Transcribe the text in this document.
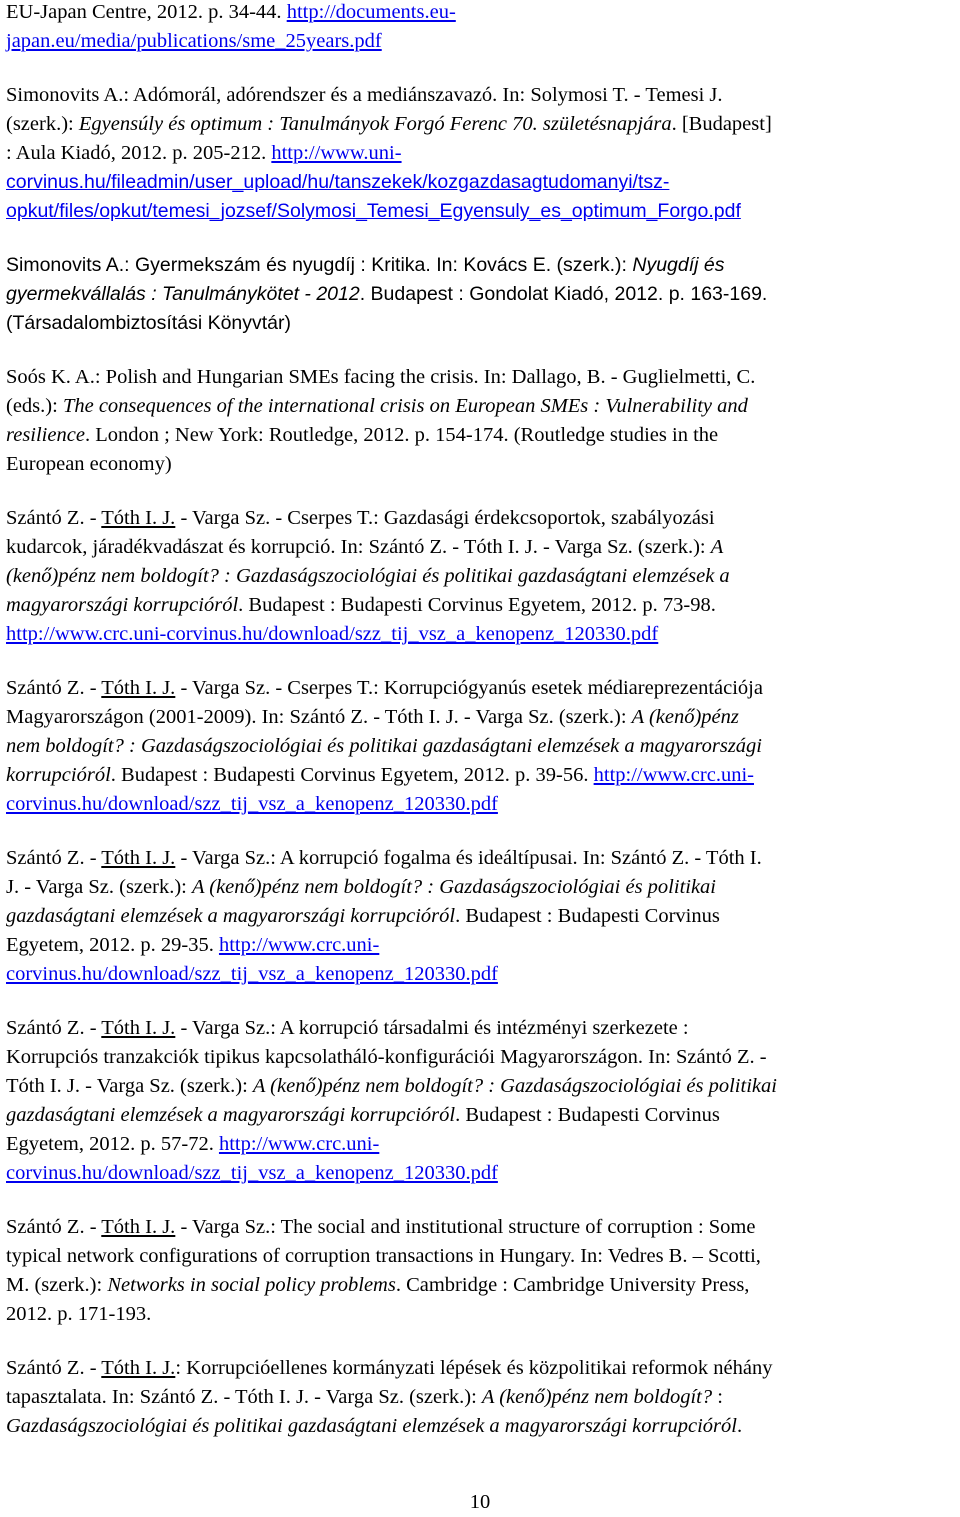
EU-Japan Centre, 2012. p. 34-44. http://documents.eu-
japan.eu/media/publications/sme_25years.pdf
Simonovits A.: Adómorál, adórendszer és a mediánszavazó. In: Solymosi T. - Temesi J.
(szerk.): Egyensúly és optimum : Tanulmányok Forgó Ferenc 70. születésnapjára. [Budapest]
: Aula Kiadó, 2012. p. 205-212. http://www.uni-
corvinus.hu/fileadmin/user_upload/hu/tanszekek/kozgazdasagtudomanyi/tsz-
opkut/files/opkut/temesi_jozsef/Solymosi_Temesi_Egyensuly_es_optimum_Forgo.pdf
Simonovits A.: Gyermekszám és nyugdíj : Kritika. In: Kovács E. (szerk.): Nyugdíj és
gyermekvállalás : Tanulmánykötet - 2012. Budapest : Gondolat Kiadó, 2012. p. 163-169.
(Társadalombiztosítási Könyvtár)
Soós K. A.: Polish and Hungarian SMEs facing the crisis. In: Dallago, B. - Guglielmetti, C.
(eds.): The consequences of the international crisis on European SMEs : Vulnerability and
resilience. London ; New York: Routledge, 2012. p. 154-174. (Routledge studies in the
European economy)
Szántó Z. - Tóth I. J. - Varga Sz. - Cserpes T.: Gazdasági érdekcsoportok, szabályozási
kudarcok, járadékvadászat és korrupció. In: Szántó Z. - Tóth I. J. - Varga Sz. (szerk.): A
(kenő)pénz nem boldogít? : Gazdaságszociológiai és politikai gazdaságtani elemzések a
magyarországi korrupcióról. Budapest : Budapesti Corvinus Egyetem, 2012. p. 73-98.
http://www.crc.uni-corvinus.hu/download/szz_tij_vsz_a_kenopenz_120330.pdf
Szántó Z. - Tóth I. J. - Varga Sz. - Cserpes T.: Korrupciógyanús esetek médiareprezentációja
Magyarországon (2001-2009). In: Szántó Z. - Tóth I. J. - Varga Sz. (szerk.): A (kenő)pénz
nem boldogít? : Gazdaságszociológiai és politikai gazdaságtani elemzések a magyarországi
korrupcióról. Budapest : Budapesti Corvinus Egyetem, 2012. p. 39-56. http://www.crc.uni-
corvinus.hu/download/szz_tij_vsz_a_kenopenz_120330.pdf
Szántó Z. - Tóth I. J. - Varga Sz.: A korrupció fogalma és ideáltípusai. In: Szántó Z. - Tóth I.
J. - Varga Sz. (szerk.): A (kenő)pénz nem boldogít? : Gazdaságszociológiai és politikai
gazdaságtani elemzések a magyarországi korrupcióról. Budapest : Budapesti Corvinus
Egyetem, 2012. p. 29-35. http://www.crc.uni-
corvinus.hu/download/szz_tij_vsz_a_kenopenz_120330.pdf
Szántó Z. - Tóth I. J. - Varga Sz.: A korrupció társadalmi és intézményi szerkezete :
Korrupciós tranzakciók tipikus kapcsolatháló-konfigurációi Magyarországon. In: Szántó Z. -
Tóth I. J. - Varga Sz. (szerk.): A (kenő)pénz nem boldogít? : Gazdaságszociológiai és politikai
gazdaságtani elemzések a magyarországi korrupcióról. Budapest : Budapesti Corvinus
Egyetem, 2012. p. 57-72. http://www.crc.uni-
corvinus.hu/download/szz_tij_vsz_a_kenopenz_120330.pdf
Szántó Z. - Tóth I. J. - Varga Sz.: The social and institutional structure of corruption : Some
typical network configurations of corruption transactions in Hungary. In: Vedres B. – Scotti,
M. (szerk.): Networks in social policy problems. Cambridge : Cambridge University Press,
2012. p. 171-193.
Szántó Z. - Tóth I. J.: Korrupcióellenes kormányzati lépések és közpolitikai reformok néhány
tapasztalata. In: Szántó Z. - Tóth I. J. - Varga Sz. (szerk.): A (kenő)pénz nem boldogít? :
Gazdaságszociológiai és politikai gazdaságtani elemzések a magyarországi korrupcióról.
10
